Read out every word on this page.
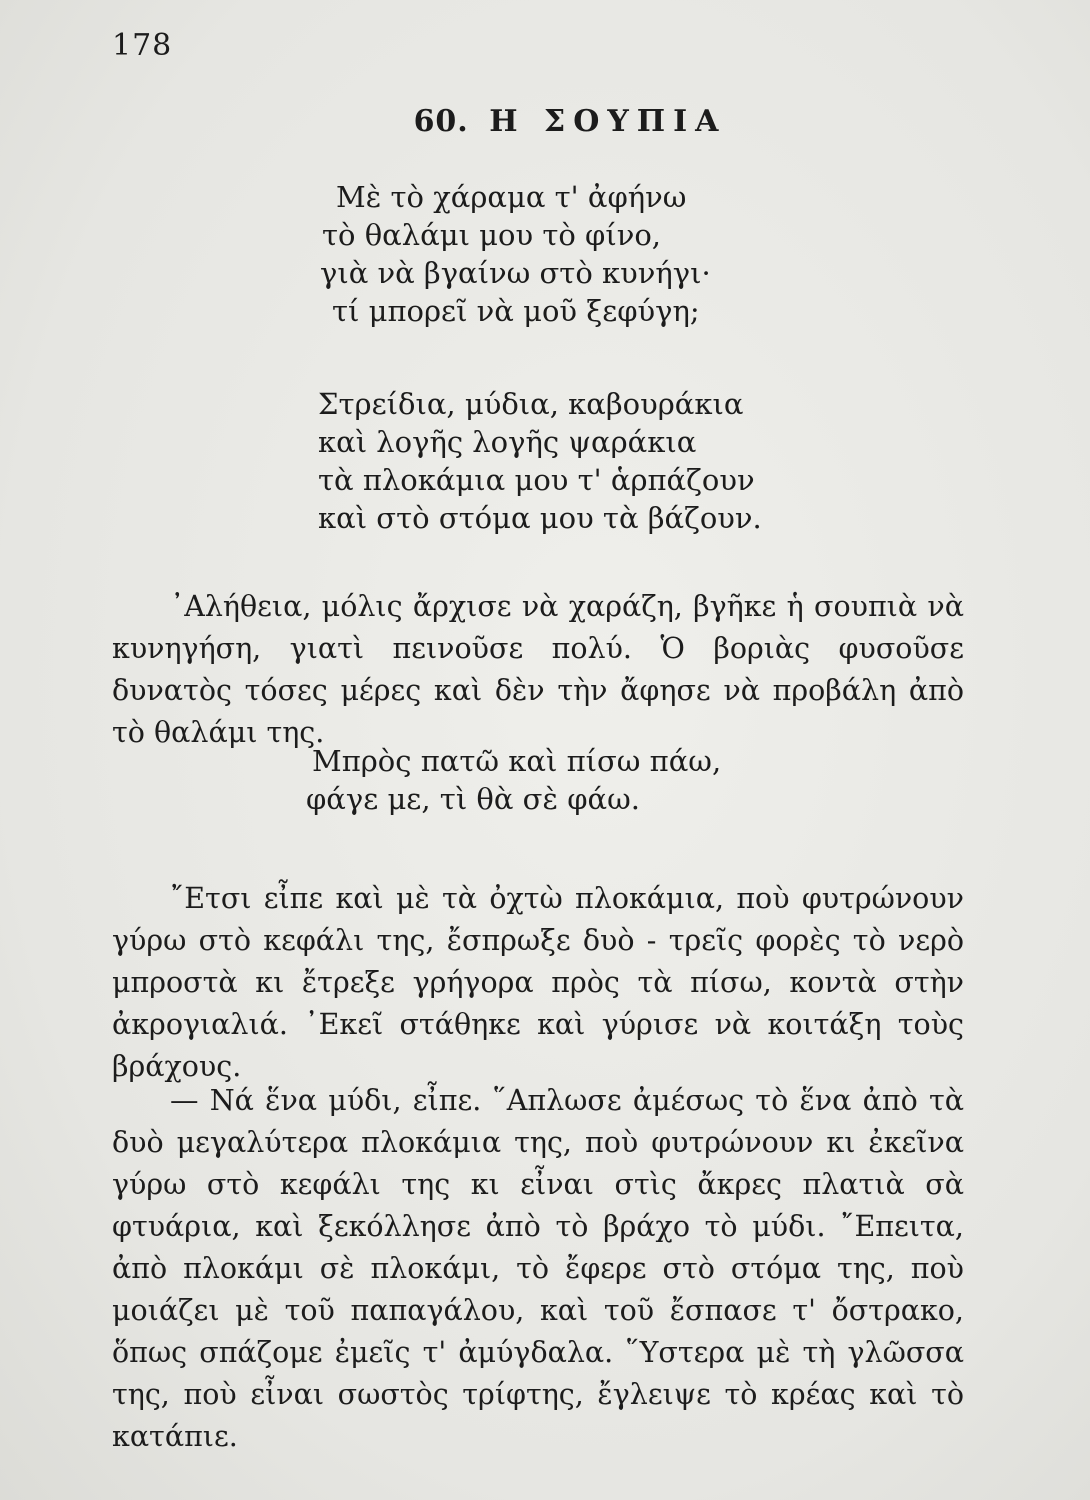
178
60. Η ΣΟΥΠΙΑ
Μὲ τὸ χάραμα τ' ἀφήνω
τὸ θαλάμι μου τὸ φίνο,
γιὰ νὰ βγαίνω στὸ κυνήγι·
τί μπορεῖ νὰ μοῦ ξεφύγη;
Στρείδια, μύδια, καβουράκια
καὶ λογῆς λογῆς ψαράκια
τὰ πλοκάμια μου τ' ἁρπάζουν
καὶ στὸ στόμα μου τὰ βάζουν.

᾿Αλήθεια, μόλις ἄρχισε νὰ χαράζη, βγῆκε ἡ σουπιὰ νὰ κυνηγήση, γιατὶ πεινοῦσε πολύ. Ὁ βοριὰς φυσοῦσε δυνατὸς τόσες μέρες καὶ δὲν τὴν ἄφησε νὰ προβάλη ἀπὸ τὸ θαλάμι της.

Μπρὸς πατῶ καὶ πίσω πάω,
φάγε με, τὶ θὰ σὲ φάω.

῎Ετσι εἶπε καὶ μὲ τὰ ὀχτὼ πλοκάμια, ποὺ φυτρώνουν γύρω στὸ κεφάλι της, ἔσπρωξε δυὸ - τρεῖς φορὲς τὸ νερὸ μπροστὰ κι ἔτρεξε γρήγορα πρὸς τὰ πίσω, κοντὰ στὴν ἀκρογιαλιά. ᾿Εκεῖ στάθηκε καὶ γύρισε νὰ κοιτάξη τοὺς βράχους.

— Νά ἕνα μύδι, εἶπε. ῞Απλωσε ἀμέσως τὸ ἕνα ἀπὸ τὰ δυὸ μεγαλύτερα πλοκάμια της, ποὺ φυτρώνουν κι ἐκεῖνα γύρω στὸ κεφάλι της κι εἶναι στὶς ἄκρες πλατιὰ σὰ φτυάρια, καὶ ξεκόλλησε ἀπὸ τὸ βράχο τὸ μύδι. ῎Επειτα, ἀπὸ πλοκάμι σὲ πλοκάμι, τὸ ἔφερε στὸ στόμα της, ποὺ μοιάζει μὲ τοῦ παπαγάλου, καὶ τοῦ ἔσπασε τ' ὄστρακο, ὅπως σπάζομε ἐμεῖς τ' ἀμύγδαλα. ῞Υστερα μὲ τὴ γλῶσσα της, ποὺ εἶναι σωστὸς τρίφτης, ἔγλειψε τὸ κρέας καὶ τὸ κατάπιε.
